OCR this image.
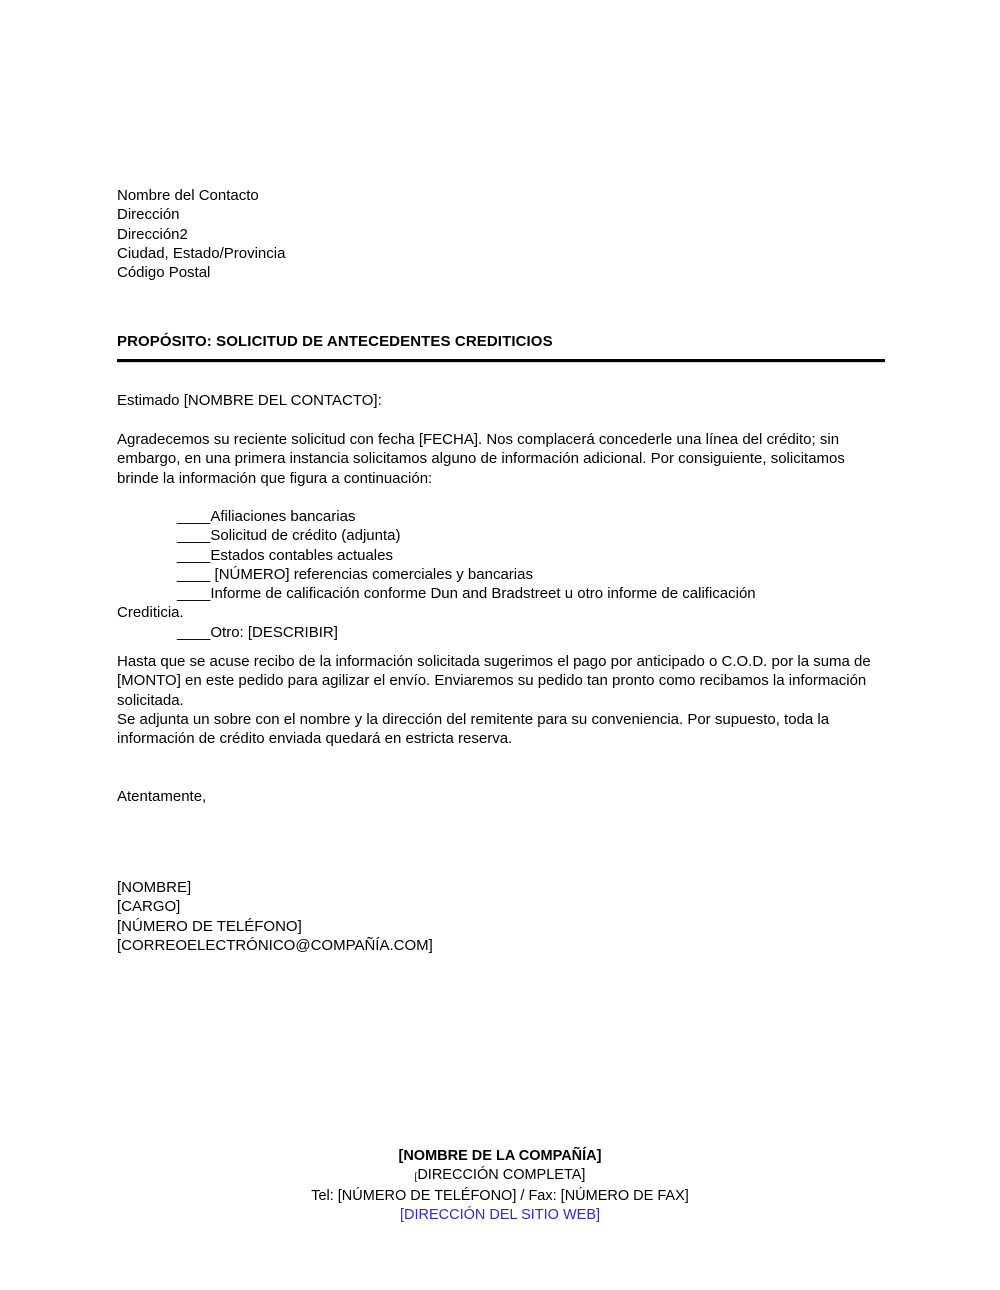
Nombre del Contacto
Dirección
Dirección2
Ciudad, Estado/Provincia
Código Postal
PROPÓSITO: SOLICITUD DE ANTECEDENTES CREDITICIOS
Estimado [NOMBRE DEL CONTACTO]:
Agradecemos su reciente solicitud con fecha [FECHA]. Nos complacerá concederle una línea del crédito; sin embargo, en una primera instancia solicitamos alguno de información adicional. Por consiguiente, solicitamos brinde la información que figura a continuación:
____Afiliaciones bancarias
____Solicitud de crédito (adjunta)
____Estados contables actuales
____ [NÚMERO] referencias comerciales y bancarias
____Informe de calificación conforme Dun and Bradstreet u otro informe de calificación
Crediticia.
____Otro: [DESCRIBIR]
Hasta que se acuse recibo de la información solicitada sugerimos el pago por anticipado o C.O.D. por la suma de [MONTO] en este pedido para agilizar el envío. Enviaremos su pedido tan pronto como recibamos la información solicitada.
Se adjunta un sobre con el nombre y la dirección del remitente para su conveniencia. Por supuesto, toda la información de crédito enviada quedará en estricta reserva.
Atentamente,
[NOMBRE]
[CARGO]
[NÚMERO DE TELÉFONO]
[CORREOELECTRÓNICO@COMPAÑÍA.COM]
[NOMBRE DE LA COMPAÑÍA]
[DIRECCIÓN COMPLETA]
Tel: [NÚMERO DE TELÉFONO] / Fax: [NÚMERO DE FAX]
[DIRECCIÓN DEL SITIO WEB]
